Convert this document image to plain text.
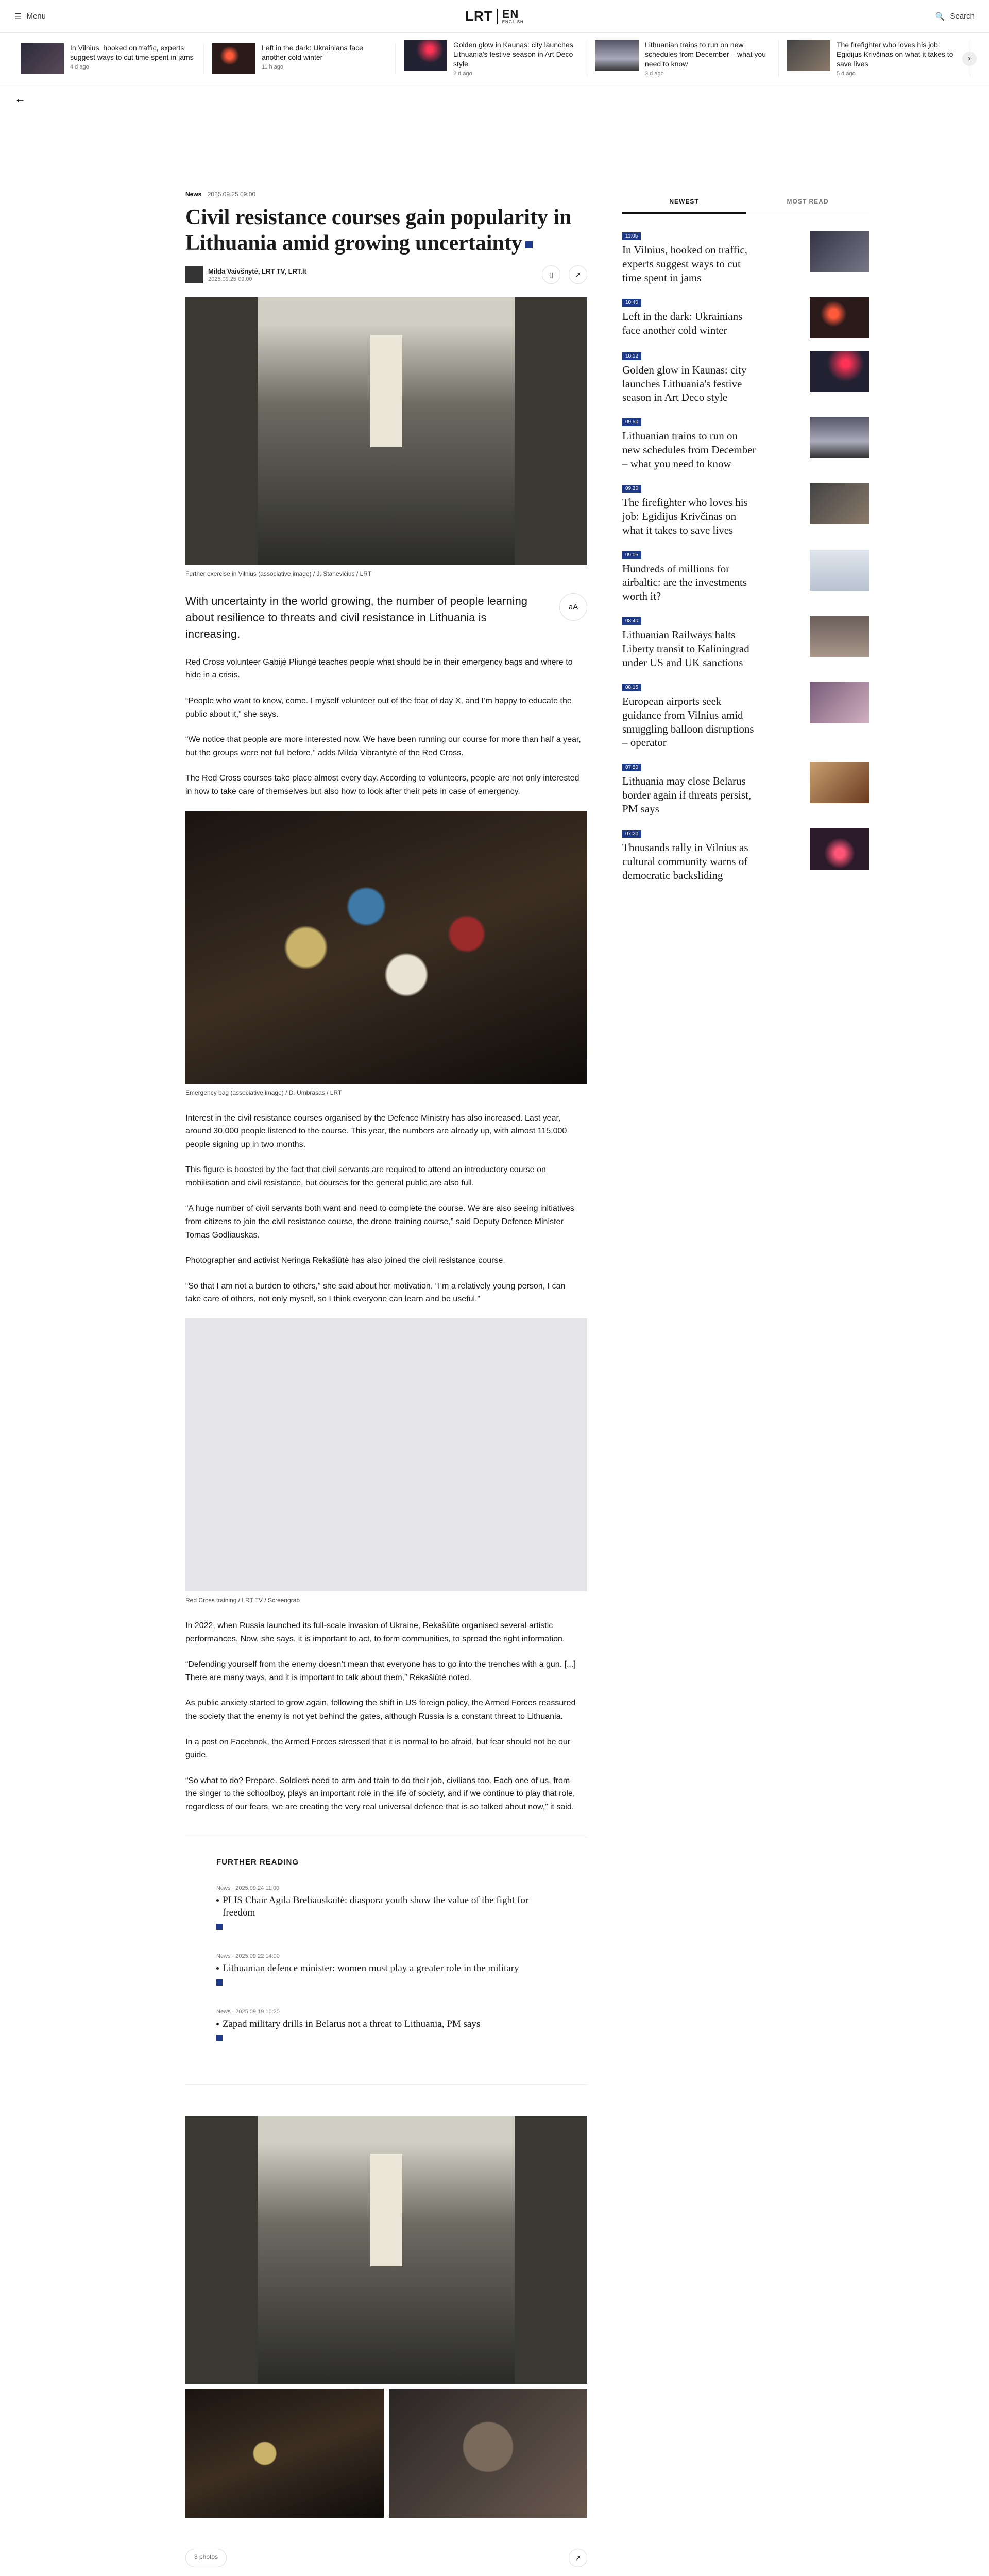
☰ Menu	LRT EN
ENGLISH
🔍 Search
In Vilnius, hooked on traffic, experts suggest ways to cut time spent in jams
4 d ago
Left in the dark: Ukrainians face another cold winter
11 h ago
Golden glow in Kaunas: city launches Lithuania's festive season in Art Deco style
2 d ago
Lithuanian trains to run on new schedules from December – what you need to know
3 d ago
The firefighter who loves his job: Egidijus Krivčinas on what it takes to save lives
5 d ago
›
←
News 2025.09.25 09:00
Civil resistance courses gain popularity in Lithuania amid growing uncertainty
Milda Vaivšnytė, LRT TV, LRT.lt
2025.09.25 09:00
▯	↗
Further exercise in Vilnius (associative image) / J. Stanevičius / LRT
With uncertainty in the world growing, the number of people learning about resilience to threats and civil resistance in Lithuania is increasing.
aA

Red Cross volunteer Gabijė Pliungė teaches people what should be in their emergency bags and where to hide in a crisis.

“People who want to know, come. I myself volunteer out of the fear of day X, and I’m happy to educate the public about it,” she says.

“We notice that people are more interested now. We have been running our course for more than half a year, but the groups were not full before,” adds Milda Vibrantytė of the Red Cross.

The Red Cross courses take place almost every day. According to volunteers, people are not only interested in how to take care of themselves but also how to look after their pets in case of emergency.

Emergency bag (associative image) / D. Umbrasas / LRT

Interest in the civil resistance courses organised by the Defence Ministry has also increased. Last year, around 30,000 people listened to the course. This year, the numbers are already up, with almost 115,000 people signing up in two months.

This figure is boosted by the fact that civil servants are required to attend an introductory course on mobilisation and civil resistance, but courses for the general public are also full.

“A huge number of civil servants both want and need to complete the course. We are also seeing initiatives from citizens to join the civil resistance course, the drone training course,” said Deputy Defence Minister Tomas Godliauskas.

Photographer and activist Neringa Rekašiūtė has also joined the civil resistance course.

“So that I am not a burden to others,” she said about her motivation. “I’m a relatively young person, I can take care of others, not only myself, so I think everyone can learn and be useful.”

Red Cross training / LRT TV / Screengrab

In 2022, when Russia launched its full-scale invasion of Ukraine, Rekašiūtė organised several artistic performances. Now, she says, it is important to act, to form communities, to spread the right information.

“Defending yourself from the enemy doesn’t mean that everyone has to go into the trenches with a gun. [...] There are many ways, and it is important to talk about them,” Rekašiūtė noted.

As public anxiety started to grow again, following the shift in US foreign policy, the Armed Forces reassured the society that the enemy is not yet behind the gates, although Russia is a constant threat to Lithuania.

In a post on Facebook, the Armed Forces stressed that it is normal to be afraid, but fear should not be our guide.

“So what to do? Prepare. Soldiers need to arm and train to do their job, civilians too. Each one of us, from the singer to the schoolboy, plays an important role in the life of society, and if we continue to play that role, regardless of our fears, we are creating the very real universal defence that is so talked about now,” it said.

FURTHER READING
News · 2025.09.24 11:00
PLIS Chair Agila Breliauskaitė: diaspora youth show the value of the fight for freedom
News · 2025.09.22 14:00
Lithuanian defence minister: women must play a greater role in the military
News · 2025.09.19 10:20
Zapad military drills in Belarus not a threat to Lithuania, PM says
3 photos	↗
NEWEST	MOST READ
11:05
In Vilnius, hooked on traffic, experts suggest ways to cut time spent in jams
10:40
Left in the dark: Ukrainians face another cold winter
10:12
Golden glow in Kaunas: city launches Lithuania's festive season in Art Deco style
09:50
Lithuanian trains to run on new schedules from December – what you need to know
09:30
The firefighter who loves his job: Egidijus Krivčinas on what it takes to save lives
09:05
Hundreds of millions for airbaltic: are the investments worth it?
08:40
Lithuanian Railways halts Liberty transit to Kaliningrad under US and UK sanctions
08:15
European airports seek guidance from Vilnius amid smuggling balloon disruptions – operator
07:50
Lithuania may close Belarus border again if threats persist, PM says
07:20
Thousands rally in Vilnius as cultural community warns of democratic backsliding
